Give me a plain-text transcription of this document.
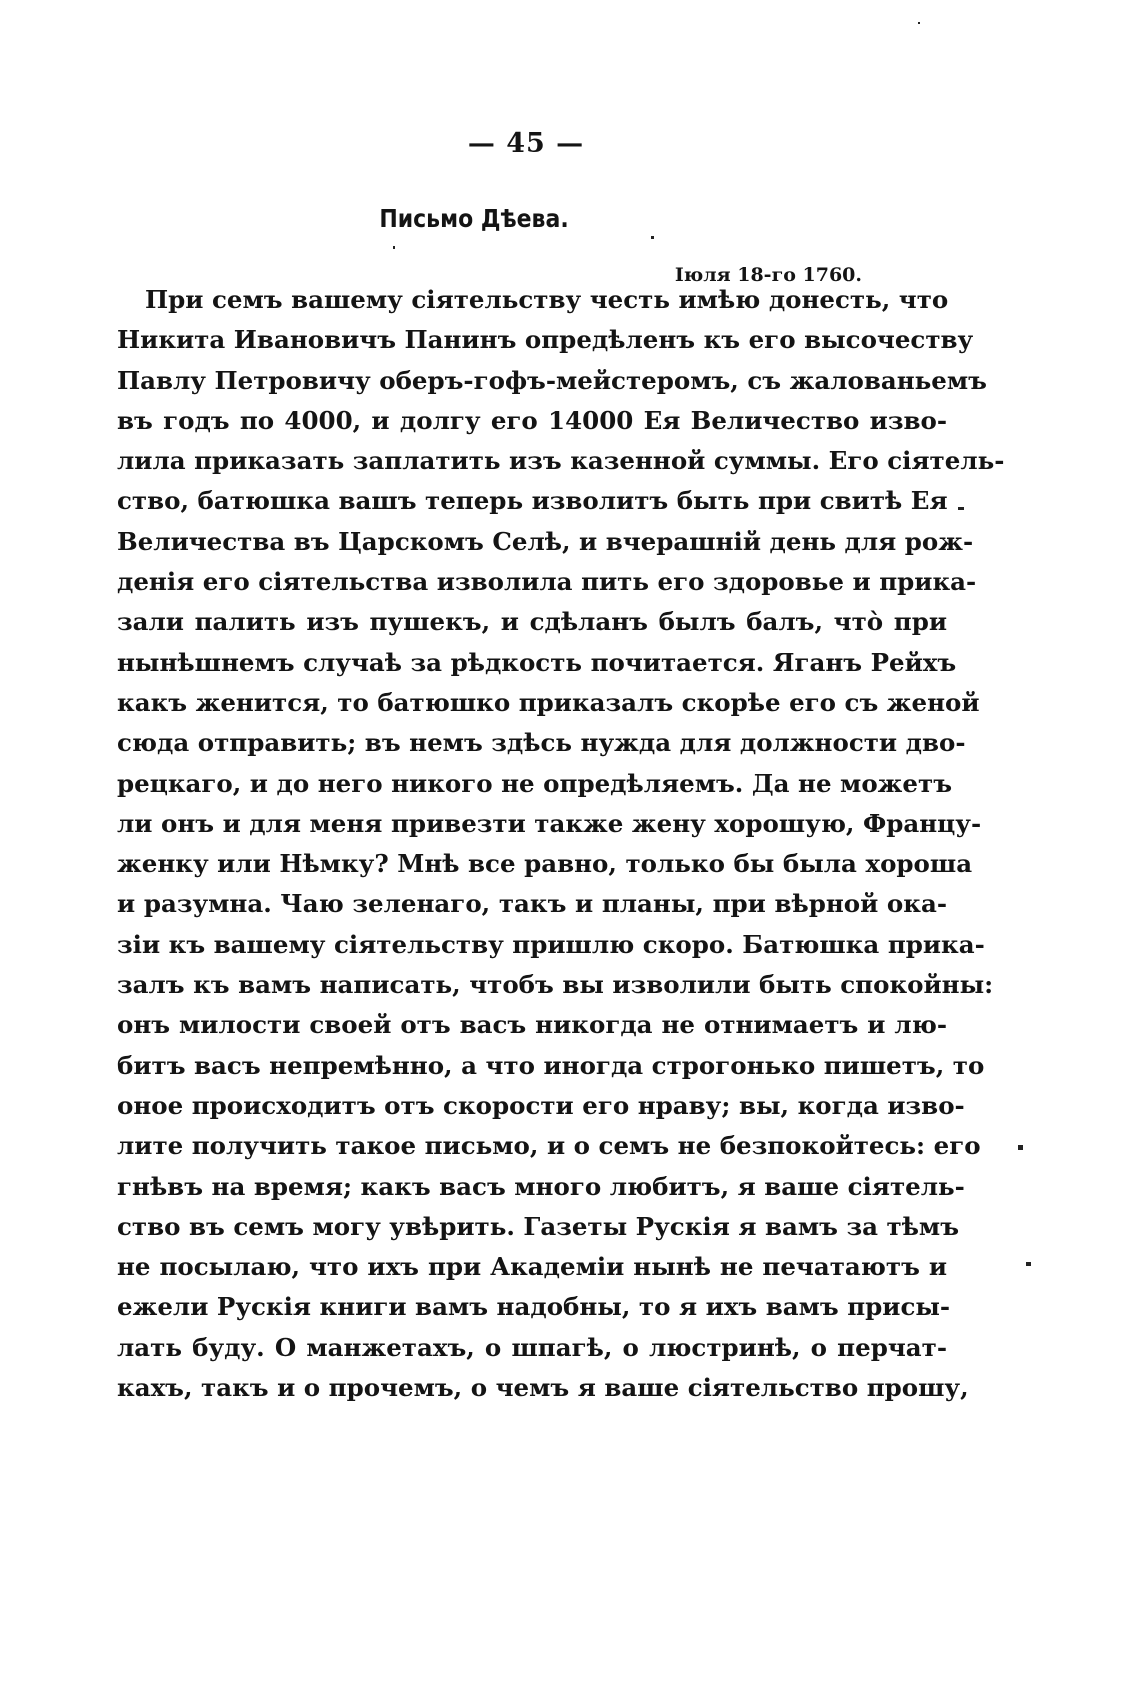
— 45 —
Письмо Дѣева.
Іюля 18-го 1760.
При семъ вашему сіятельству честь имѣю донесть, что
Никита Ивановичъ Панинъ опредѣленъ къ его высочеству
Павлу Петровичу оберъ-гофъ-мейстеромъ, съ жалованьемъ
въ годъ по 4000, и долгу его 14000 Ея Величество изво-
лила приказать заплатить изъ казенной суммы. Его сіятель-
ство, батюшка вашъ теперь изволитъ быть при свитѣ Ея
Величества въ Царскомъ Селѣ, и вчерашній день для рож-
денія его сіятельства изволила пить его здоровье и прика-
зали палить изъ пушекъ, и сдѣланъ былъ балъ, что̀ при
нынѣшнемъ случаѣ за рѣдкость почитается. Яганъ Рейхъ
какъ женится, то батюшко приказалъ скорѣе его съ женой
сюда отправить; въ немъ здѣсь нужда для должности дво-
рецкаго, и до него никого не опредѣляемъ. Да не можетъ
ли онъ и для меня привезти также жену хорошую, Францу-
женку или Нѣмку? Мнѣ все равно, только бы была хороша
и разумна. Чаю зеленаго, такъ и планы, при вѣрной ока-
зіи къ вашему сіятельству пришлю скоро. Батюшка прика-
залъ къ вамъ написать, чтобъ вы изволили быть спокойны:
онъ милости своей отъ васъ никогда не отнимаетъ и лю-
битъ васъ непремѣнно, а что иногда строгонько пишетъ, то
оное происходитъ отъ скорости его нраву; вы, когда изво-
лите получить такое письмо, и о семъ не безпокойтесь: его
гнѣвъ на время; какъ васъ много любитъ, я ваше сіятель-
ство въ семъ могу увѣрить. Газеты Рускія я вамъ за тѣмъ
не посылаю, что ихъ при Академіи нынѣ не печатаютъ и
ежели Рускія книги вамъ надобны, то я ихъ вамъ присы-
лать буду. О манжетахъ, о шпагѣ, о люстринѣ, о перчат-
кахъ, такъ и о прочемъ, о чемъ я ваше сіятельство прошу,
